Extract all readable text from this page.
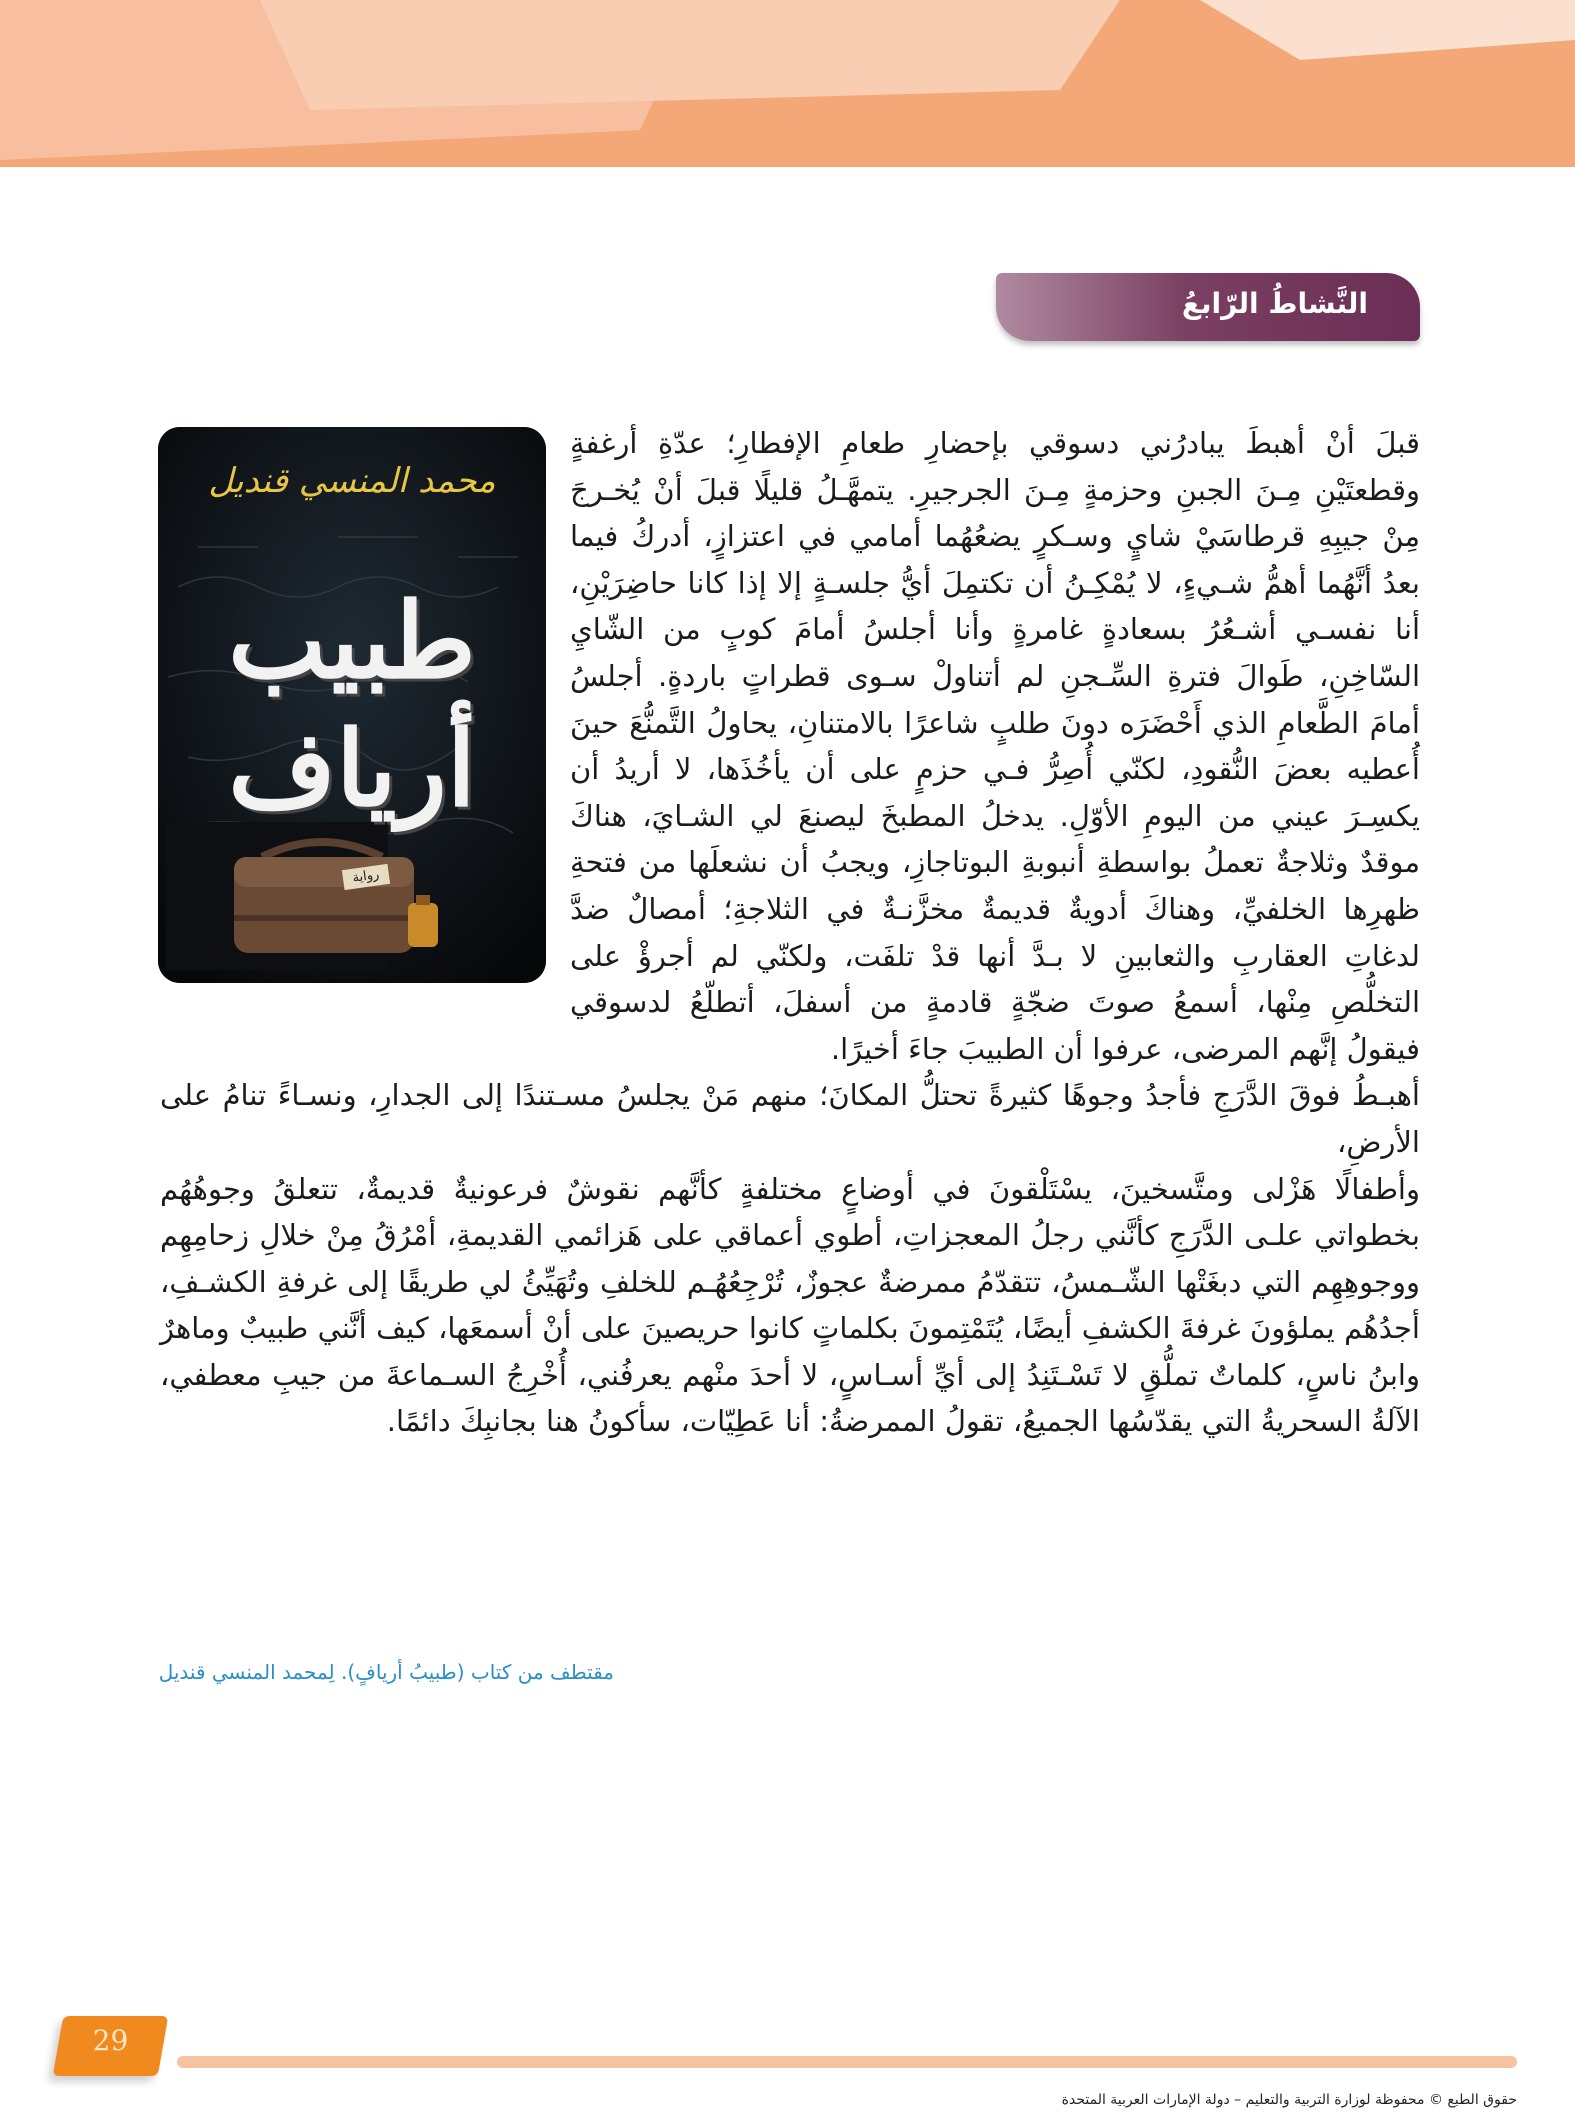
النَّشاطُ الرّابعُ
محمد المنسي قنديل
طبيب
أرياف
رواية

قبلَ أنْ أهبطَ يبادرُني دسوقي بإحضارِ طعامِ الإفطارِ؛ عدّةِ أرغفةٍ وقطعتَيْنِ مِـنَ الجبنِ وحزمةٍ مِـنَ الجرجيرِ. يتمهَّـلُ قليلًا قبلَ أنْ يُخـرجَ مِنْ جيبِهِ قرطاسَيْ شايٍ وسـكرٍ يضعُهُما أمامي في اعتزازٍ، أدركُ فيما بعدُ أنَّهُما أهمُّ شـيءٍ، لا يُمْكِـنُ أن تكتمِلَ أيُّ جلسـةٍ إلا إذا كانا حاضِرَيْنِ، أنا نفسـي أشـعُرُ بسعادةٍ غامرةٍ وأنا أجلسُ أمامَ كوبٍ من الشّايِ السّاخِنِ، طَوالَ فترةِ السِّـجنِ لم أتناولْ سـوى قطراتٍ باردةٍ. أجلسُ أمامَ الطَّعامِ الذي أَحْضَرَه دونَ طلبٍ شاعرًا بالامتنانِ، يحاولُ التَّمنُّعَ حينَ أُعطيه بعضَ النُّقودِ، لكنّي أُصِرُّ فـي حزمٍ على أن يأخُذَها، لا أريدُ أن يكسِـرَ عيني من اليومِ الأوّلِ. يدخلُ المطبخَ ليصنعَ لي الشـايَ، هناكَ موقدٌ وثلاجةٌ تعملُ بواسطةِ أنبوبةِ البوتاجازِ، ويجبُ أن نشعلَها من فتحةِ ظهرِها الخلفيِّ، وهناكَ أدويةٌ قديمةٌ مخزَّنـةٌ في الثلاجةِ؛ أمصالٌ ضدَّ لدغاتِ العقاربِ والثعابينِ لا بـدَّ أنها قدْ تلفَت، ولكنّي لم أجرؤْ على التخلُّصِ مِنْها، أسمعُ صوتَ ضجّةٍ قادمةٍ من أسفلَ، أتطلّعُ لدسوقي فيقولُ إنَّهم المرضى، عرفوا أن الطبيبَ جاءَ أخيرًا.

أهبـطُ فوقَ الدَّرَجِ فأجدُ وجوهًا كثيرةً تحتلُّ المكانَ؛ منهم مَنْ يجلسُ مسـتندًا إلى الجدارِ، ونسـاءً تنامُ على الأرضِ،

وأطفالًا هَزْلى ومتَّسخينَ، يسْتَلْقونَ في أوضاعٍ مختلفةٍ كأنَّهم نقوشٌ فرعونيةٌ قديمةٌ، تتعلقُ وجوهُهُم بخطواتي علـى الدَّرَجِ كأنَّني رجلُ المعجزاتِ، أطوي أعماقي على هَزائمي القديمةِ، أمْرُقُ مِنْ خلالِ زحامِهِم ووجوهِهِم التي دبغَتْها الشّـمسُ، تتقدّمُ ممرضةٌ عجوزٌ، تُرْجِعُهُـم للخلفِ وتُهَيِّئُ لي طريقًا إلى غرفةِ الكشـفِ، أجدُهُم يملؤونَ غرفةَ الكشفِ أيضًا، يُتَمْتِمونَ بكلماتٍ كانوا حريصينَ على أنْ أسمعَها، كيف أنَّني طبيبٌ وماهرٌ وابنُ ناسٍ، كلماتٌ تملُّقٍ لا تَسْـتَنِدُ إلى أيِّ أسـاسٍ، لا أحدَ منْهم يعرفُني، أُخْرِجُ السـماعةَ من جيبِ معطفي، الآلةُ السحريةُ التي يقدّسُها الجميعُ، تقولُ الممرضةُ: أنا عَطِيّات، سأكونُ هنا بجانبِكَ دائمًا.

مقتطف من كتاب (طبيبُ أريافٍ). لِمحمد المنسي قنديل
29
حقوق الطبع © محفوظة لوزارة التربية والتعليم – دولة الإمارات العربية المتحدة
